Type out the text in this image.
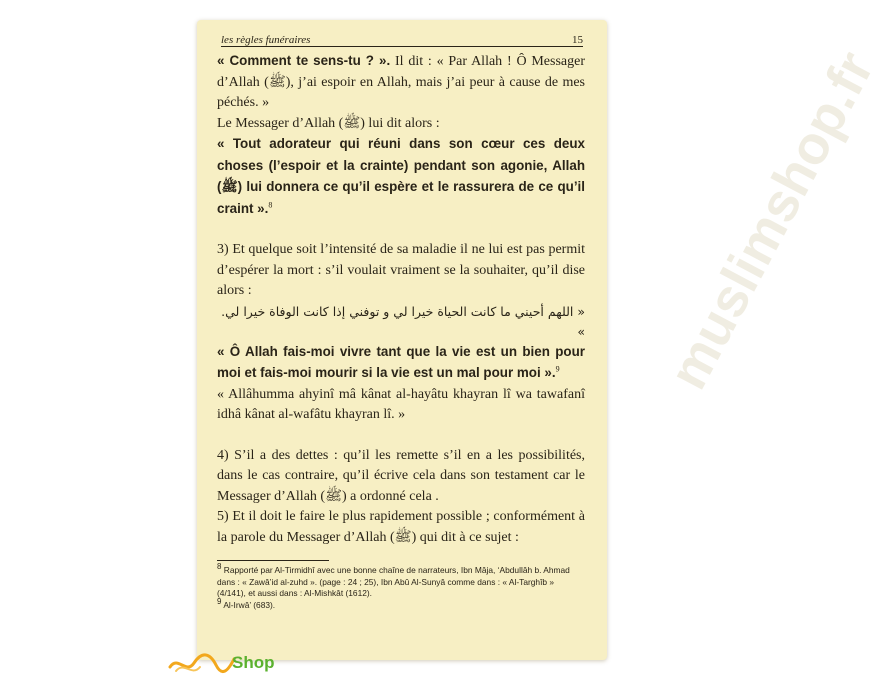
muslimshop.fr
les règles funéraires	15

« Comment te sens-tu ? ». Il dit : « Par Allah ! Ô Messager d’Allah (ﷺ), j’ai espoir en Allah, mais j’ai peur à cause de mes péchés. »

Le Messager d’Allah (ﷺ) lui dit alors :

« Tout adorateur qui réuni dans son cœur ces deux choses (l’espoir et la crainte) pendant son agonie, Allah (ﷺ) lui donnera ce qu’il espère et le rassurera de ce qu’il craint ».$^8$

3) Et quelque soit l’intensité de sa maladie il ne lui est pas permit d’espérer la mort : s’il voulait vraiment se la souhaiter, qu’il dise alors :

« اللهم أحيني ما كانت الحياة خيرا لي و توفني إذا كانت الوفاة خيرا لي. »

« Ô Allah fais-moi vivre tant que la vie est un bien pour moi et fais-moi mourir si la vie est un mal pour moi ».$^9$

« Allâhumma ahyinî mâ kânat al-hayâtu khayran lî wa tawafanî idhâ kânat al-wafâtu khayran lî. »

4) S’il a des dettes : qu’il les remette s’il en a les possibilités, dans le cas contraire, qu’il écrive cela dans son testament car le Messager d’Allah (ﷺ) a ordonné cela .

5) Et il doit le faire le plus rapidement possible ; conformément à la parole du Messager d’Allah (ﷺ) qui dit à ce sujet :

$^8$ Rapporté par Al-Tirmidhî avec une bonne chaîne de narrateurs, Ibn Mâja, ‘Abdullâh b. Ahmad dans : « Zawâ’id al-zuhd ». (page : 24 ; 25), Ibn Abû Al-Sunyâ comme dans : « Al-Targhîb » (4/141), et aussi dans : Al-Mishkât (1612).

$^9$ Al-Irwâ’ (683).

Shop
